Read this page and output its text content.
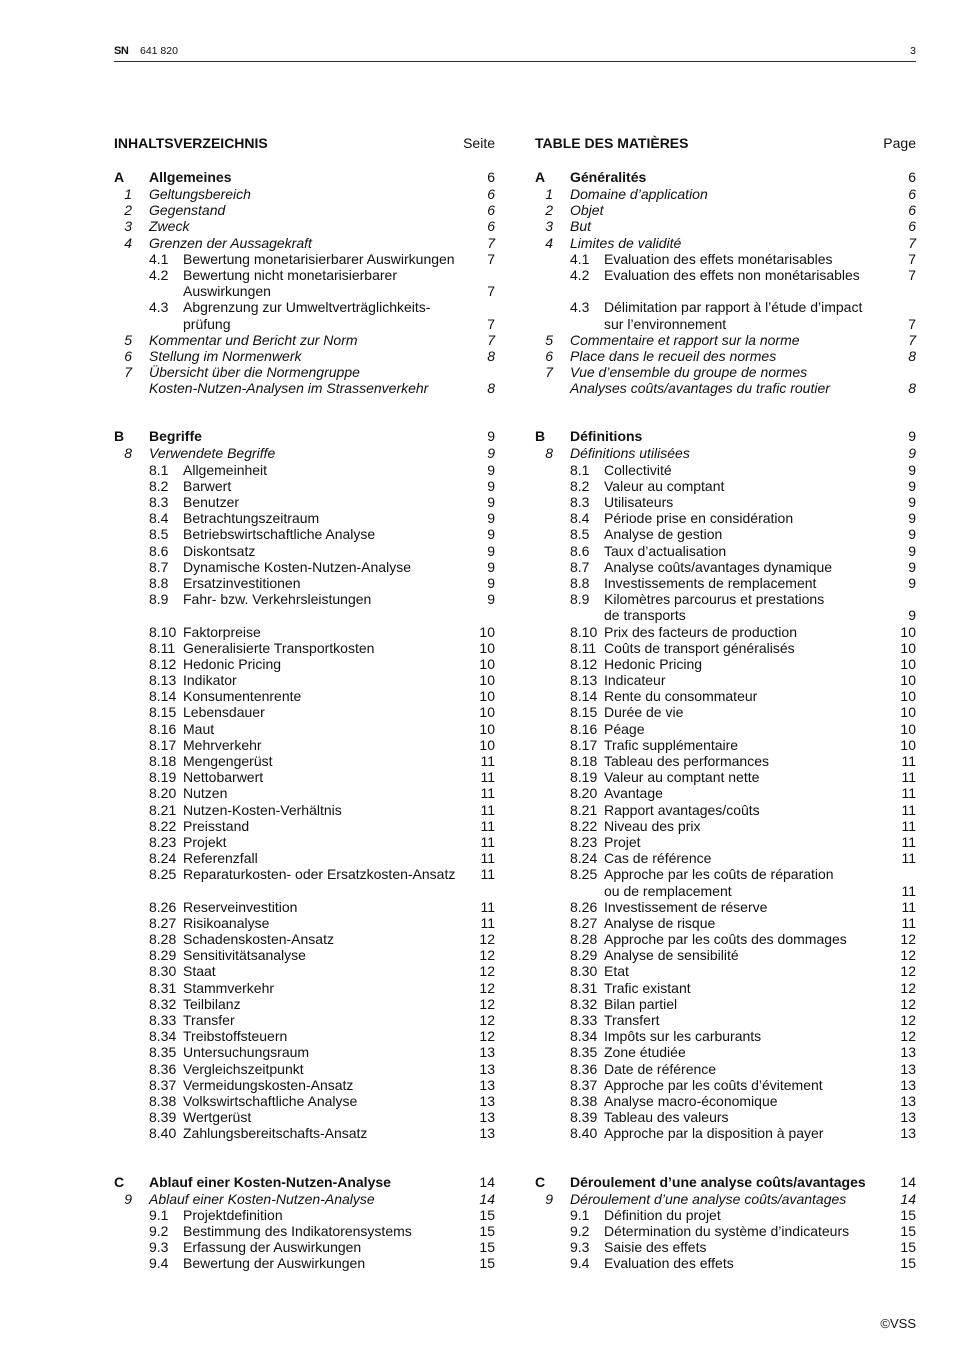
SN 641 820	3
INHALTSVERZEICHNIS	Seite
A Allgemeines	6
1 Geltungsbereich	6
2 Gegenstand	6
3 Zweck	6
4 Grenzen der Aussagekraft	7
4.1 Bewertung monetarisierbarer Auswirkungen 7
4.2 Bewertung nicht monetarisierbarer
Auswirkungen	7
4.3 Abgrenzung zur Umweltverträglichkeits-
prüfung	7
5 Kommentar und Bericht zur Norm	7
6 Stellung im Normenwerk	8
7 Übersicht über die Normengruppe
Kosten-Nutzen-Analysen im Strassenverkehr	8
B Begriffe	9
8 Verwendete Begriffe	9
8.1 Allgemeinheit	9
8.2 Barwert	9
8.3 Benutzer	9
8.4 Betrachtungszeitraum	9
8.5 Betriebswirtschaftliche Analyse	9
8.6 Diskontsatz	9
8.7 Dynamische Kosten-Nutzen-Analyse	9
8.8 Ersatzinvestitionen	9
8.9 Fahr- bzw. Verkehrsleistungen	9
8.10 Faktorpreise	10
8.11 Generalisierte Transportkosten	10
8.12 Hedonic Pricing	10
8.13 Indikator	10
8.14 Konsumentenrente	10
8.15 Lebensdauer	10
8.16 Maut	10
8.17 Mehrverkehr	10
8.18 Mengengerüst	11
8.19 Nettobarwert	11
8.20 Nutzen	11
8.21 Nutzen-Kosten-Verhältnis	11
8.22 Preisstand	11
8.23 Projekt	11
8.24 Referenzfall	11
8.25 Reparaturkosten- oder Ersatzkosten-Ansatz 11
8.26 Reserveinvestition	11
8.27 Risikoanalyse	11
8.28 Schadenskosten-Ansatz	12
8.29 Sensitivitätsanalyse	12
8.30 Staat	12
8.31 Stammverkehr	12
8.32 Teilbilanz	12
8.33 Transfer	12
8.34 Treibstoffsteuern	12
8.35 Untersuchungsraum	13
8.36 Vergleichszeitpunkt	13
8.37 Vermeidungskosten-Ansatz	13
8.38 Volkswirtschaftliche Analyse	13
8.39 Wertgerüst	13
8.40 Zahlungsbereitschafts-Ansatz	13
C Ablauf einer Kosten-Nutzen-Analyse	14
9 Ablauf einer Kosten-Nutzen-Analyse	14
9.1 Projektdefinition	15
9.2 Bestimmung des Indikatorensystems	15
9.3 Erfassung der Auswirkungen	15
9.4 Bewertung der Auswirkungen	15
TABLE DES MATIÈRES	Page
A Généralités	6
1 Domaine d’application	6
2 Objet	6
3 But	6
4 Limites de validité	7
4.1 Evaluation des effets monétarisables	7
4.2 Evaluation des effets non monétarisables	7
4.3 Délimitation par rapport à l’étude d’impact
sur l’environnement	7
5 Commentaire et rapport sur la norme	7
6 Place dans le recueil des normes	8
7 Vue d’ensemble du groupe de normes
Analyses coûts/avantages du trafic routier	8
B Définitions	9
8 Définitions utilisées	9
8.1 Collectivité	9
8.2 Valeur au comptant	9
8.3 Utilisateurs	9
8.4 Période prise en considération	9
8.5 Analyse de gestion	9
8.6 Taux d’actualisation	9
8.7 Analyse coûts/avantages dynamique	9
8.8 Investissements de remplacement	9
8.9 Kilomètres parcourus et prestations
de transports	9
8.10 Prix des facteurs de production	10
8.11 Coûts de transport généralisés	10
8.12 Hedonic Pricing	10
8.13 Indicateur	10
8.14 Rente du consommateur	10
8.15 Durée de vie	10
8.16 Péage	10
8.17 Trafic supplémentaire	10
8.18 Tableau des performances	11
8.19 Valeur au comptant nette	11
8.20 Avantage	11
8.21 Rapport avantages/coûts	11
8.22 Niveau des prix	11
8.23 Projet	11
8.24 Cas de référence	11
8.25 Approche par les coûts de réparation
ou de remplacement	11
8.26 Investissement de réserve	11
8.27 Analyse de risque	11
8.28 Approche par les coûts des dommages	12
8.29 Analyse de sensibilité	12
8.30 Etat	12
8.31 Trafic existant	12
8.32 Bilan partiel	12
8.33 Transfert	12
8.34 Impôts sur les carburants	12
8.35 Zone étudiée	13
8.36 Date de référence	13
8.37 Approche par les coûts d’évitement	13
8.38 Analyse macro-économique	13
8.39 Tableau des valeurs	13
8.40 Approche par la disposition à payer	13
C Déroulement d’une analyse coûts/avantages 14
9 Déroulement d’une analyse coûts/avantages	14
9.1 Définition du projet	15
9.2 Détermination du système d’indicateurs	15
9.3 Saisie des effets	15
9.4 Evaluation des effets	15
©VSS
